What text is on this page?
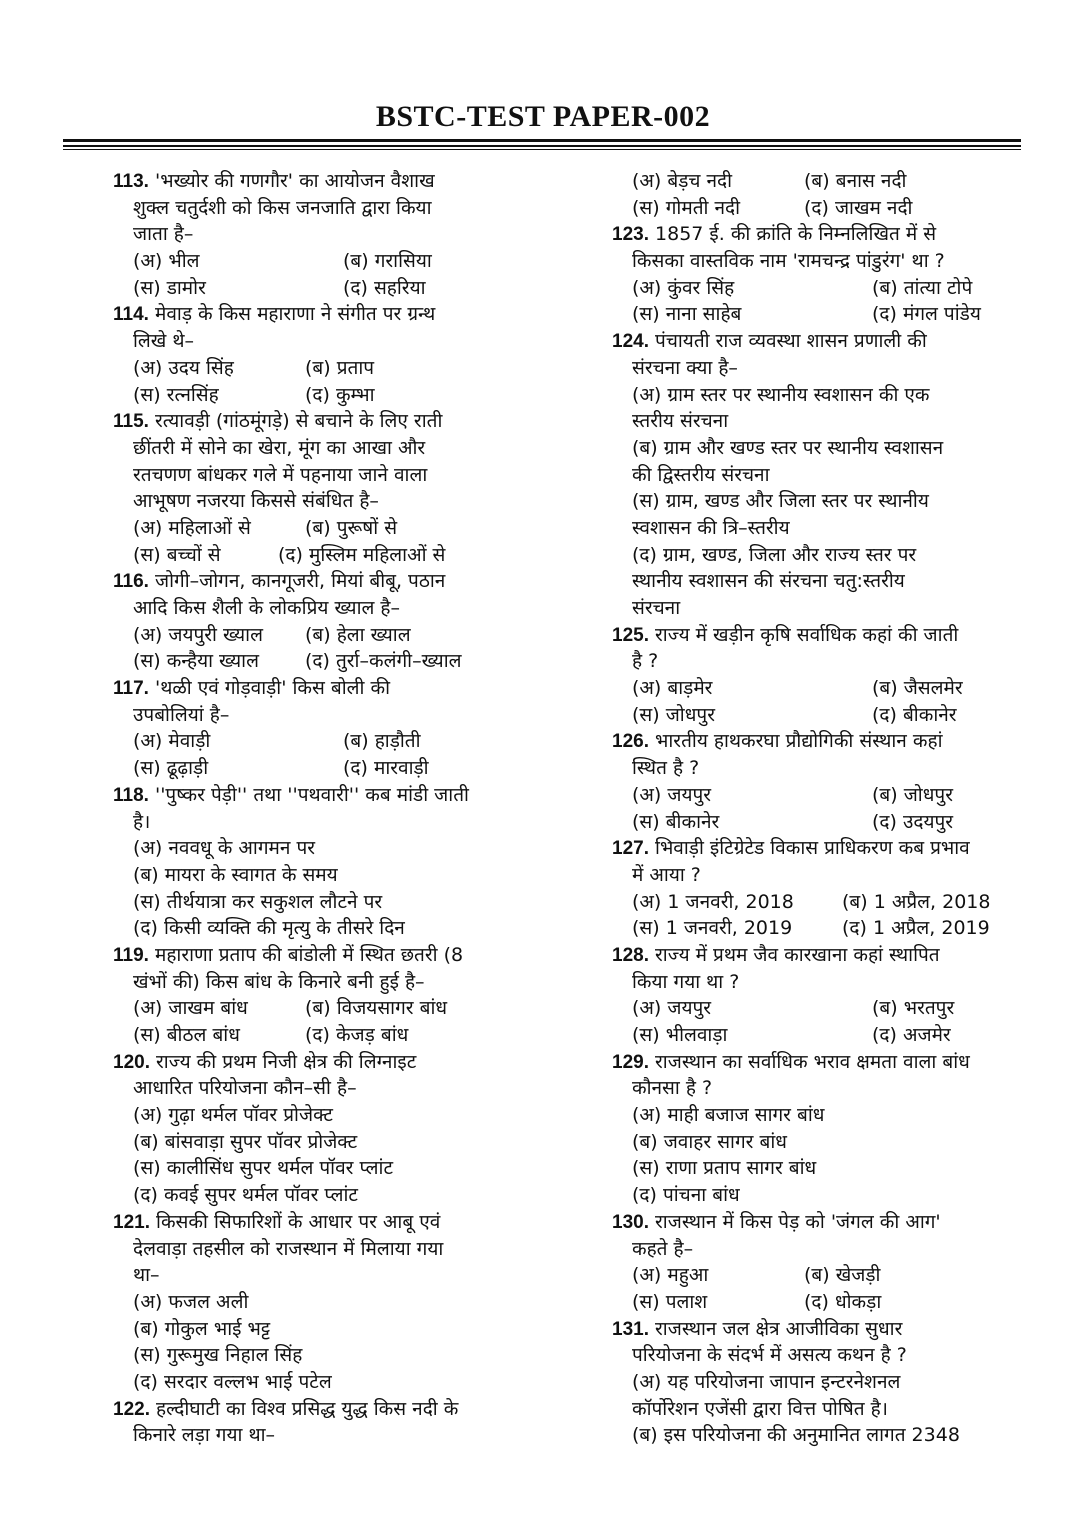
BSTC-TEST PAPER-002
113. 'भख्योर की गणगौर' का आयोजन वैशाख
शुक्ल चतुर्दशी को किस जनजाति द्वारा किया
जाता है–
(अ) भील	(ब) गरासिया
(स) डामोर	(द) सहरिया
114. मेवाड़ के किस महाराणा ने संगीत पर ग्रन्थ
लिखे थे–
(अ) उदय सिंह	(ब) प्रताप
(स) रत्नसिंह	(द) कुम्भा
115. रत्यावड़ी (गांठमूंगड़े) से बचाने के लिए राती
छींतरी में सोने का खेरा, मूंग का आखा और
रतचणण बांधकर गले में पहनाया जाने वाला
आभूषण नजरया किससे संबंधित है–
(अ) महिलाओं से	(ब) पुरूषों से
(स) बच्चों से	(द) मुस्लिम महिलाओं से
116. जोगी–जोगन, कानगूजरी, मियां बीबू, पठान
आदि किस शैली के लोकप्रिय ख्याल है–
(अ) जयपुरी ख्याल	(ब) हेला ख्याल
(स) कन्हैया ख्याल	(द) तुर्रा–कलंगी–ख्याल
117. 'थळी एवं गोड़वाड़ी' किस बोली की
उपबोलियां है–
(अ) मेवाड़ी	(ब) हाड़ौती
(स) ढूढ़ाड़ी	(द) मारवाड़ी
118. ''पुष्कर पेड़ी'' तथा ''पथवारी'' कब मांडी जाती
है।
(अ) नववधू के आगमन पर
(ब) मायरा के स्वागत के समय
(स) तीर्थयात्रा कर सकुशल लौटने पर
(द) किसी व्यक्ति की मृत्यु के तीसरे दिन
119. महाराणा प्रताप की बांडोली में स्थित छतरी (8
खंभों की) किस बांध के किनारे बनी हुई है–
(अ) जाखम बांध	(ब) विजयसागर बांध
(स) बीठल बांध	(द) केजड़ बांध
120. राज्य की प्रथम निजी क्षेत्र की लिग्नाइट
आधारित परियोजना कौन–सी है–
(अ) गुढ़ा थर्मल पॉवर प्रोजेक्ट
(ब) बांसवाड़ा सुपर पॉवर प्रोजेक्ट
(स) कालीसिंध सुपर थर्मल पॉवर प्लांट
(द) कवई सुपर थर्मल पॉवर प्लांट
121. किसकी सिफारिशों के आधार पर आबू एवं
देलवाड़ा तहसील को राजस्थान में मिलाया गया
था–
(अ) फजल अली
(ब) गोकुल भाई भट्ट
(स) गुरूमुख निहाल सिंह
(द) सरदार वल्लभ भाई पटेल
122. हल्दीघाटी का विश्व प्रसिद्ध युद्ध किस नदी के
किनारे लड़ा गया था–
(अ) बेड़च नदी	(ब) बनास नदी
(स) गोमती नदी	(द) जाखम नदी
123. 1857 ई. की क्रांति के निम्नलिखित में से
किसका वास्तविक नाम 'रामचन्द्र पांडुरंग' था ?
(अ) कुंवर सिंह	(ब) तांत्या टोपे
(स) नाना साहेब	(द) मंगल पांडेय
124. पंचायती राज व्यवस्था शासन प्रणाली की
संरचना क्या है–
(अ) ग्राम स्तर पर स्थानीय स्वशासन की एक
स्तरीय संरचना
(ब) ग्राम और खण्ड स्तर पर स्थानीय स्वशासन
की द्विस्तरीय संरचना
(स) ग्राम, खण्ड और जिला स्तर पर स्थानीय
स्वशासन की त्रि–स्तरीय
(द) ग्राम, खण्ड, जिला और राज्य स्तर पर
स्थानीय स्वशासन की संरचना चतु:स्तरीय
संरचना
125. राज्य में खड़ीन कृषि सर्वाधिक कहां की जाती
है ?
(अ) बाड़मेर	(ब) जैसलमेर
(स) जोधपुर	(द) बीकानेर
126. भारतीय हाथकरघा प्रौद्योगिकी संस्थान कहां
स्थित है ?
(अ) जयपुर	(ब) जोधपुर
(स) बीकानेर	(द) उदयपुर
127. भिवाड़ी इंटिग्रेटेड विकास प्राधिकरण कब प्रभाव
में आया ?
(अ) 1 जनवरी, 2018	(ब) 1 अप्रैल, 2018
(स) 1 जनवरी, 2019	(द) 1 अप्रैल, 2019
128. राज्य में प्रथम जैव कारखाना कहां स्थापित
किया गया था ?
(अ) जयपुर	(ब) भरतपुर
(स) भीलवाड़ा	(द) अजमेर
129. राजस्थान का सर्वाधिक भराव क्षमता वाला बांध
कौनसा है ?
(अ) माही बजाज सागर बांध
(ब) जवाहर सागर बांध
(स) राणा प्रताप सागर बांध
(द) पांचना बांध
130. राजस्थान में किस पेड़ को 'जंगल की आग'
कहते है–
(अ) महुआ	(ब) खेजड़ी
(स) पलाश	(द) धोकड़ा
131. राजस्थान जल क्षेत्र आजीविका सुधार
परियोजना के संदर्भ में असत्य कथन है ?
(अ) यह परियोजना जापान इन्टरनेशनल
कॉर्पोरेशन एजेंसी द्वारा वित्त पोषित है।
(ब) इस परियोजना की अनुमानित लागत 2348
